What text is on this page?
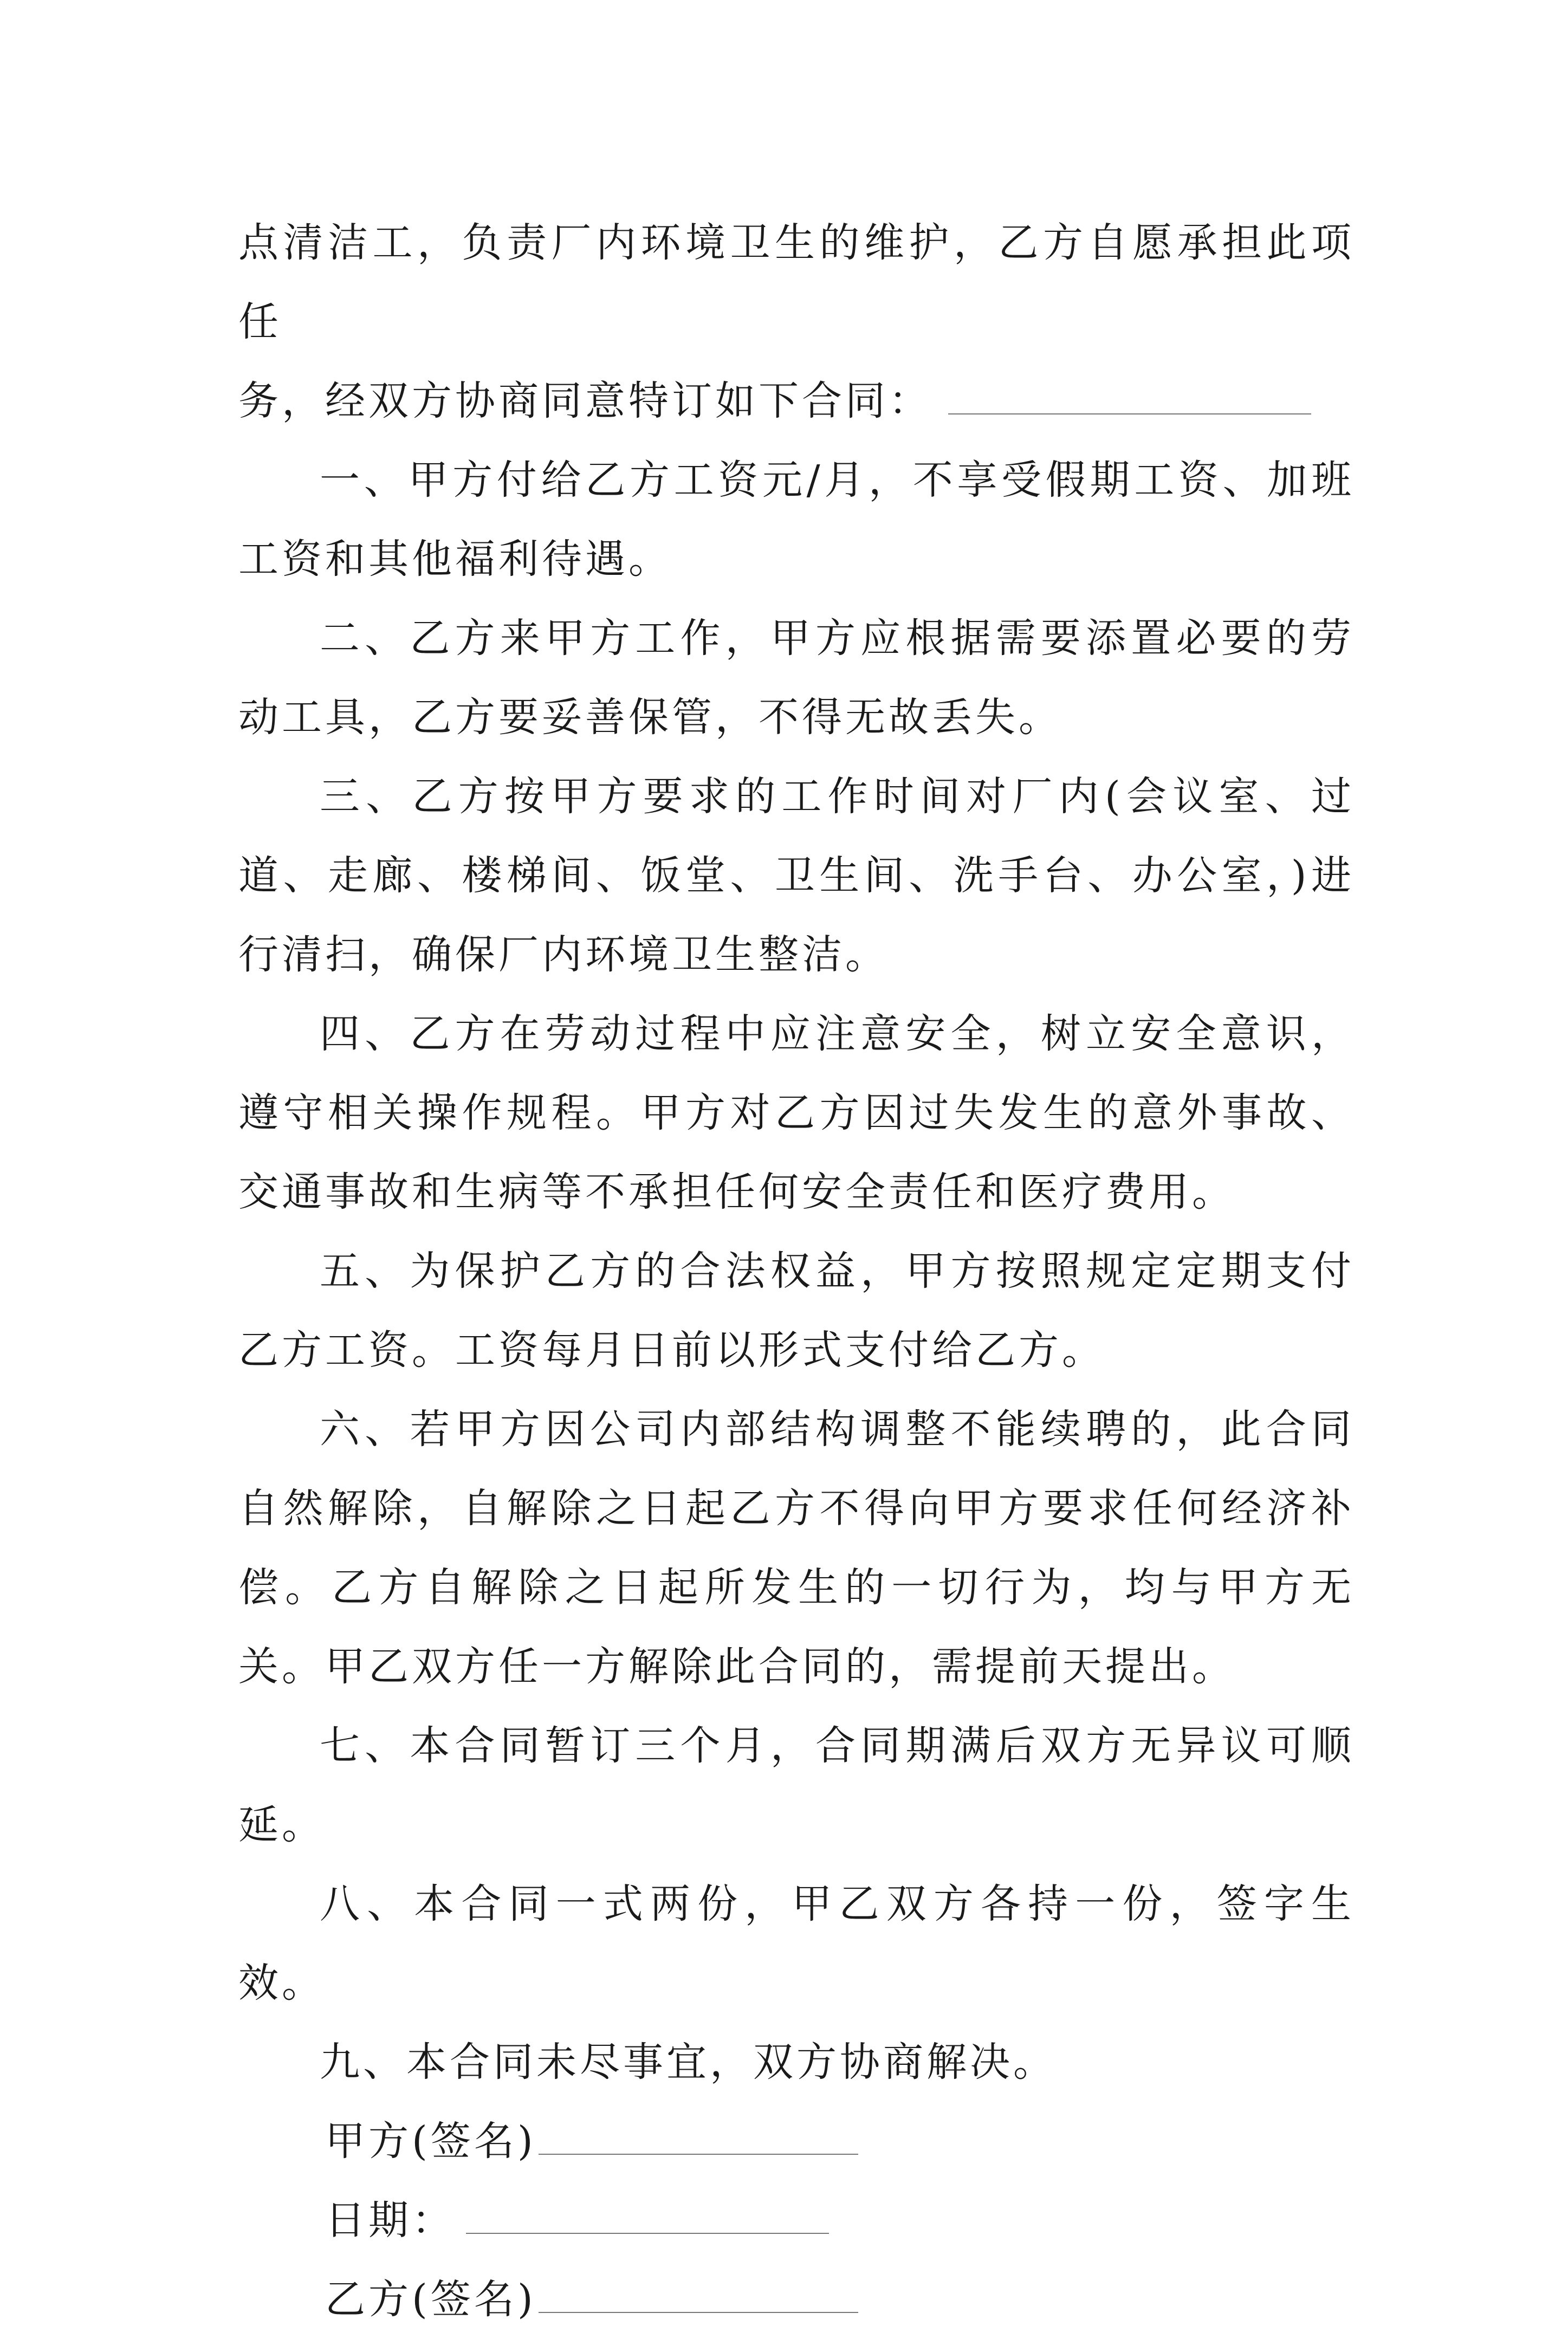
点清洁工，负责厂内环境卫生的维护，乙方自愿承担此项任
务，经双方协商同意特订如下合同：

一、甲方付给乙方工资元/月，不享受假期工资、加班工资和其他福利待遇。

二、乙方来甲方工作，甲方应根据需要添置必要的劳动工具，乙方要妥善保管，不得无故丢失。

三、乙方按甲方要求的工作时间对厂内(会议室、过道、走廊、楼梯间、饭堂、卫生间、洗手台、办公室，)进行清扫，确保厂内环境卫生整洁。

四、乙方在劳动过程中应注意安全，树立安全意识，遵守相关操作规程。甲方对乙方因过失发生的意外事故、交通事故和生病等不承担任何安全责任和医疗费用。

五、为保护乙方的合法权益，甲方按照规定定期支付乙方工资。工资每月日前以形式支付给乙方。

六、若甲方因公司内部结构调整不能续聘的，此合同自然解除，自解除之日起乙方不得向甲方要求任何经济补偿。乙方自解除之日起所发生的一切行为，均与甲方无关。甲乙双方任一方解除此合同的，需提前天提出。

七、本合同暂订三个月，合同期满后双方无异议可顺延。

八、本合同一式两份，甲乙双方各持一份，签字生效。

九、本合同未尽事宜，双方协商解决。

甲方(签名)

日期：

乙方(签名)
